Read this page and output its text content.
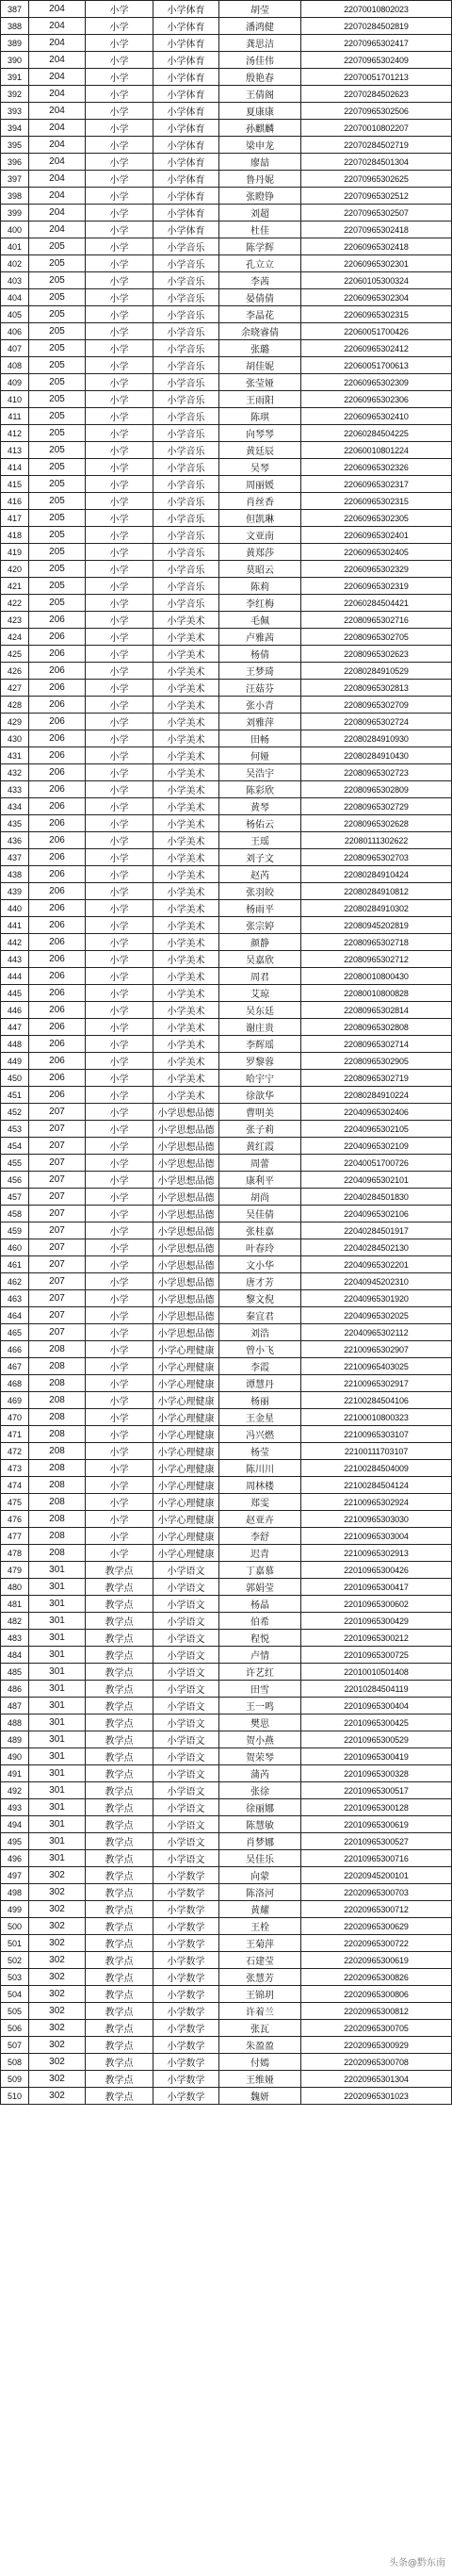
387	204	小学	小学体育	胡莹	22070010802023
388	204	小学	小学体育	潘鸿健	22070284502819
389	204	小学	小学体育	龚思洁	22070965302417
390	204	小学	小学体育	汤佳伟	22070965302409
391	204	小学	小学体育	殷艳春	22070051701213
392	204	小学	小学体育	王倩阁	22070284502623
393	204	小学	小学体育	夏康康	22070965302506
394	204	小学	小学体育	孙麒麟	22070010802207
395	204	小学	小学体育	梁申龙	22070284502719
396	204	小学	小学体育	廖喆	22070284501304
397	204	小学	小学体育	鲁丹妮	22070965302625
398	204	小学	小学体育	张瞪铮	22070965302512
399	204	小学	小学体育	刘超	22070965302507
400	204	小学	小学体育	杜佳	22070965302418
401	205	小学	小学音乐	陈学辉	22060965302418
402	205	小学	小学音乐	孔立立	22060965302301
403	205	小学	小学音乐	李茜	22060105300324
404	205	小学	小学音乐	晏倩倩	22060965302304
405	205	小学	小学音乐	李晶花	22060965302315
406	205	小学	小学音乐	余晓睿倩	22060051700426
407	205	小学	小学音乐	张璐	22060965302412
408	205	小学	小学音乐	胡佳妮	22060051700613
409	205	小学	小学音乐	张莹娅	22060965302309
410	205	小学	小学音乐	王雨阳	22060965302306
411	205	小学	小学音乐	陈琪	22060965302410
412	205	小学	小学音乐	向琴琴	22060284504225
413	205	小学	小学音乐	黄廷辰	22060010801224
414	205	小学	小学音乐	吴琴	22060965302326
415	205	小学	小学音乐	周丽媛	22060965302317
416	205	小学	小学音乐	肖丝香	22060965302315
417	205	小学	小学音乐	但凯琳	22060965302305
418	205	小学	小学音乐	文亚南	22060965302401
419	205	小学	小学音乐	黄郑莎	22060965302405
420	205	小学	小学音乐	莫昭云	22060965302329
421	205	小学	小学音乐	陈莉	22060965302319
422	205	小学	小学音乐	李红梅	22060284504421
423	206	小学	小学美术	毛佩	22080965302716
424	206	小学	小学美术	卢雅茜	22080965302705
425	206	小学	小学美术	杨倩	22080965302623
426	206	小学	小学美术	王梦琦	22080284910529
427	206	小学	小学美术	汪菇芬	22080965302813
428	206	小学	小学美术	张小青	22080965302709
429	206	小学	小学美术	刘雅萍	22080965302724
430	206	小学	小学美术	田畅	22080284910930
431	206	小学	小学美术	何娅	22080284910430
432	206	小学	小学美术	吴浩宇	22080965302723
433	206	小学	小学美术	陈彩欣	22080965302809
434	206	小学	小学美术	黄琴	22080965302729
435	206	小学	小学美术	杨佑云	22080965302628
436	206	小学	小学美术	王瑶	22080111302622
437	206	小学	小学美术	刘子文	22080965302703
438	206	小学	小学美术	赵芮	22080284910424
439	206	小学	小学美术	张羽皎	22080284910812
440	206	小学	小学美术	杨雨平	22080284910302
441	206	小学	小学美术	张宗婷	22080945202819
442	206	小学	小学美术	颜静	22080965302718
443	206	小学	小学美术	吴嘉欣	22080965302712
444	206	小学	小学美术	周君	22080010800430
445	206	小学	小学美术	艾琼	22080010800828
446	206	小学	小学美术	吴东廷	22080965302814
447	206	小学	小学美术	谢庄贵	22080965302808
448	206	小学	小学美术	李辉瑶	22080965302714
449	206	小学	小学美术	罗黎蓉	22080965302905
450	206	小学	小学美术	哈宇宁	22080965302719
451	206	小学	小学美术	徐歆华	22080284910224
452	207	小学	小学思想品德	曹明美	22040965302406
453	207	小学	小学思想品德	张子莉	22040965302105
454	207	小学	小学思想品德	黄红霞	22040965302109
455	207	小学	小学思想品德	周蕾	22040051700726
456	207	小学	小学思想品德	康利平	22040965302101
457	207	小学	小学思想品德	胡尚	22040284501830
458	207	小学	小学思想品德	吴佳倩	22040965302106
459	207	小学	小学思想品德	张桂嘉	22040284501917
460	207	小学	小学思想品德	叶春玲	22040284502130
461	207	小学	小学思想品德	文小华	22040965302201
462	207	小学	小学思想品德	唐才芳	22040945202310
463	207	小学	小学思想品德	黎文倪	22040965301920
464	207	小学	小学思想品德	秦宜君	22040965302025
465	207	小学	小学思想品德	刘浩	22040965302112
466	208	小学	小学心理健康	曾小飞	22100965302907
467	208	小学	小学心理健康	李霞	22100965403025
468	208	小学	小学心理健康	谭慧丹	22100965302917
469	208	小学	小学心理健康	杨丽	22100284504106
470	208	小学	小学心理健康	王金星	22100010800323
471	208	小学	小学心理健康	冯兴燃	22100965303107
472	208	小学	小学心理健康	杨莹	22100111703107
473	208	小学	小学心理健康	陈川川	22100284504009
474	208	小学	小学心理健康	周林楼	22100284504124
475	208	小学	小学心理健康	郑雯	22100965302924
476	208	小学	小学心理健康	赵亚卉	22100965303030
477	208	小学	小学心理健康	李舒	22100965303004
478	208	小学	小学心理健康	迟青	22100965302913
479	301	教学点	小学语文	丁嘉慕	22010965300426
480	301	教学点	小学语文	郭娟莹	22010965300417
481	301	教学点	小学语文	杨晶	22010965300602
482	301	教学点	小学语文	伯希	22010965300429
483	301	教学点	小学语文	程悦	22010965300212
484	301	教学点	小学语文	卢情	22010965300725
485	301	教学点	小学语文	许艺红	22010010501408
486	301	教学点	小学语文	田雪	22010284504119
487	301	教学点	小学语文	王一鸣	22010965300404
488	301	教学点	小学语文	樊思	22010965300425
489	301	教学点	小学语文	贺小燕	22010965300529
490	301	教学点	小学语文	贺荣琴	22010965300419
491	301	教学点	小学语文	蒲芮	22010965300328
492	301	教学点	小学语文	张徐	22010965300517
493	301	教学点	小学语文	徐丽娜	22010965300128
494	301	教学点	小学语文	陈慧敏	22010965300619
495	301	教学点	小学语文	肖梦娜	22010965300527
496	301	教学点	小学语文	吴佳乐	22010965300716
497	302	教学点	小学数学	向蒙	22020945200101
498	302	教学点	小学数学	陈洛河	22020965300703
499	302	教学点	小学数学	黄耀	22020965300712
500	302	教学点	小学数学	王栓	22020965300629
501	302	教学点	小学数学	王菊萍	22020965300722
502	302	教学点	小学数学	石建莹	22020965300619
503	302	教学点	小学数学	张慧芳	22020965300826
504	302	教学点	小学数学	王锦玥	22020965300806
505	302	教学点	小学数学	许着兰	22020965300812
506	302	教学点	小学数学	张瓦	22020965300705
507	302	教学点	小学数学	朱盈盈	22020965300929
508	302	教学点	小学数学	付嫣	22020965300708
509	302	教学点	小学数学	王维娅	22020965301304
510	302	教学点	小学数学	魏妍	22020965301023
头条@黔东南
